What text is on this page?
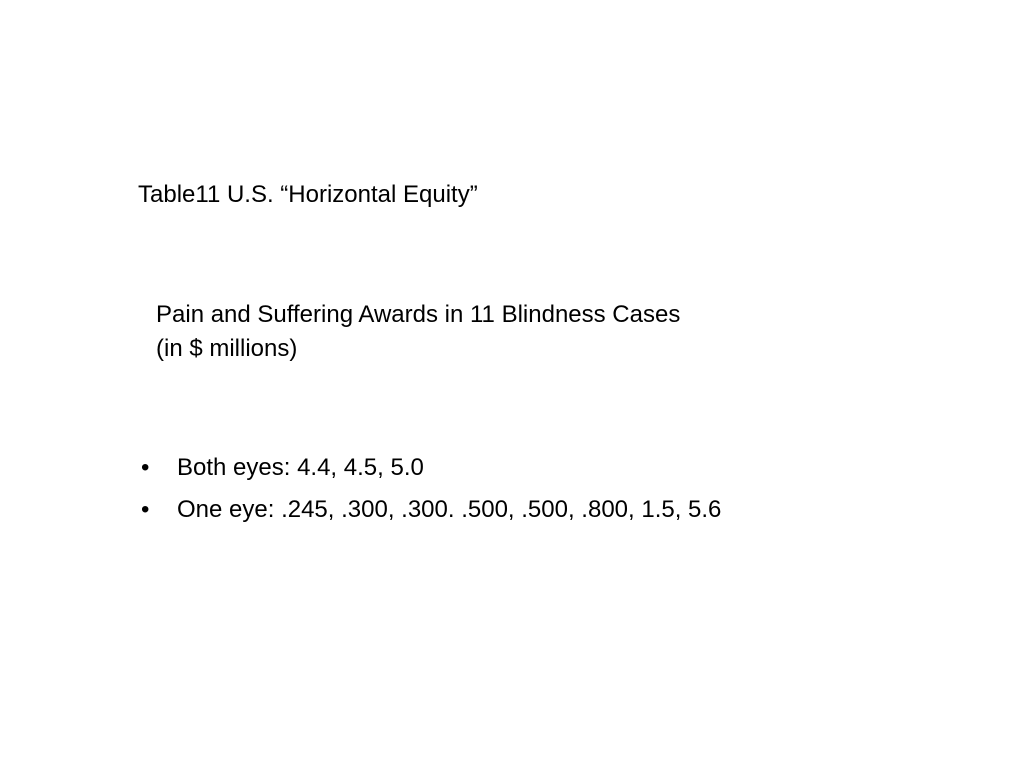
Table11 U.S. “Horizontal Equity”
Pain and Suffering Awards in 11 Blindness Cases
(in $ millions)
• Both eyes: 4.4, 4.5, 5.0
• One eye: .245, .300, .300. .500, .500, .800, 1.5, 5.6
